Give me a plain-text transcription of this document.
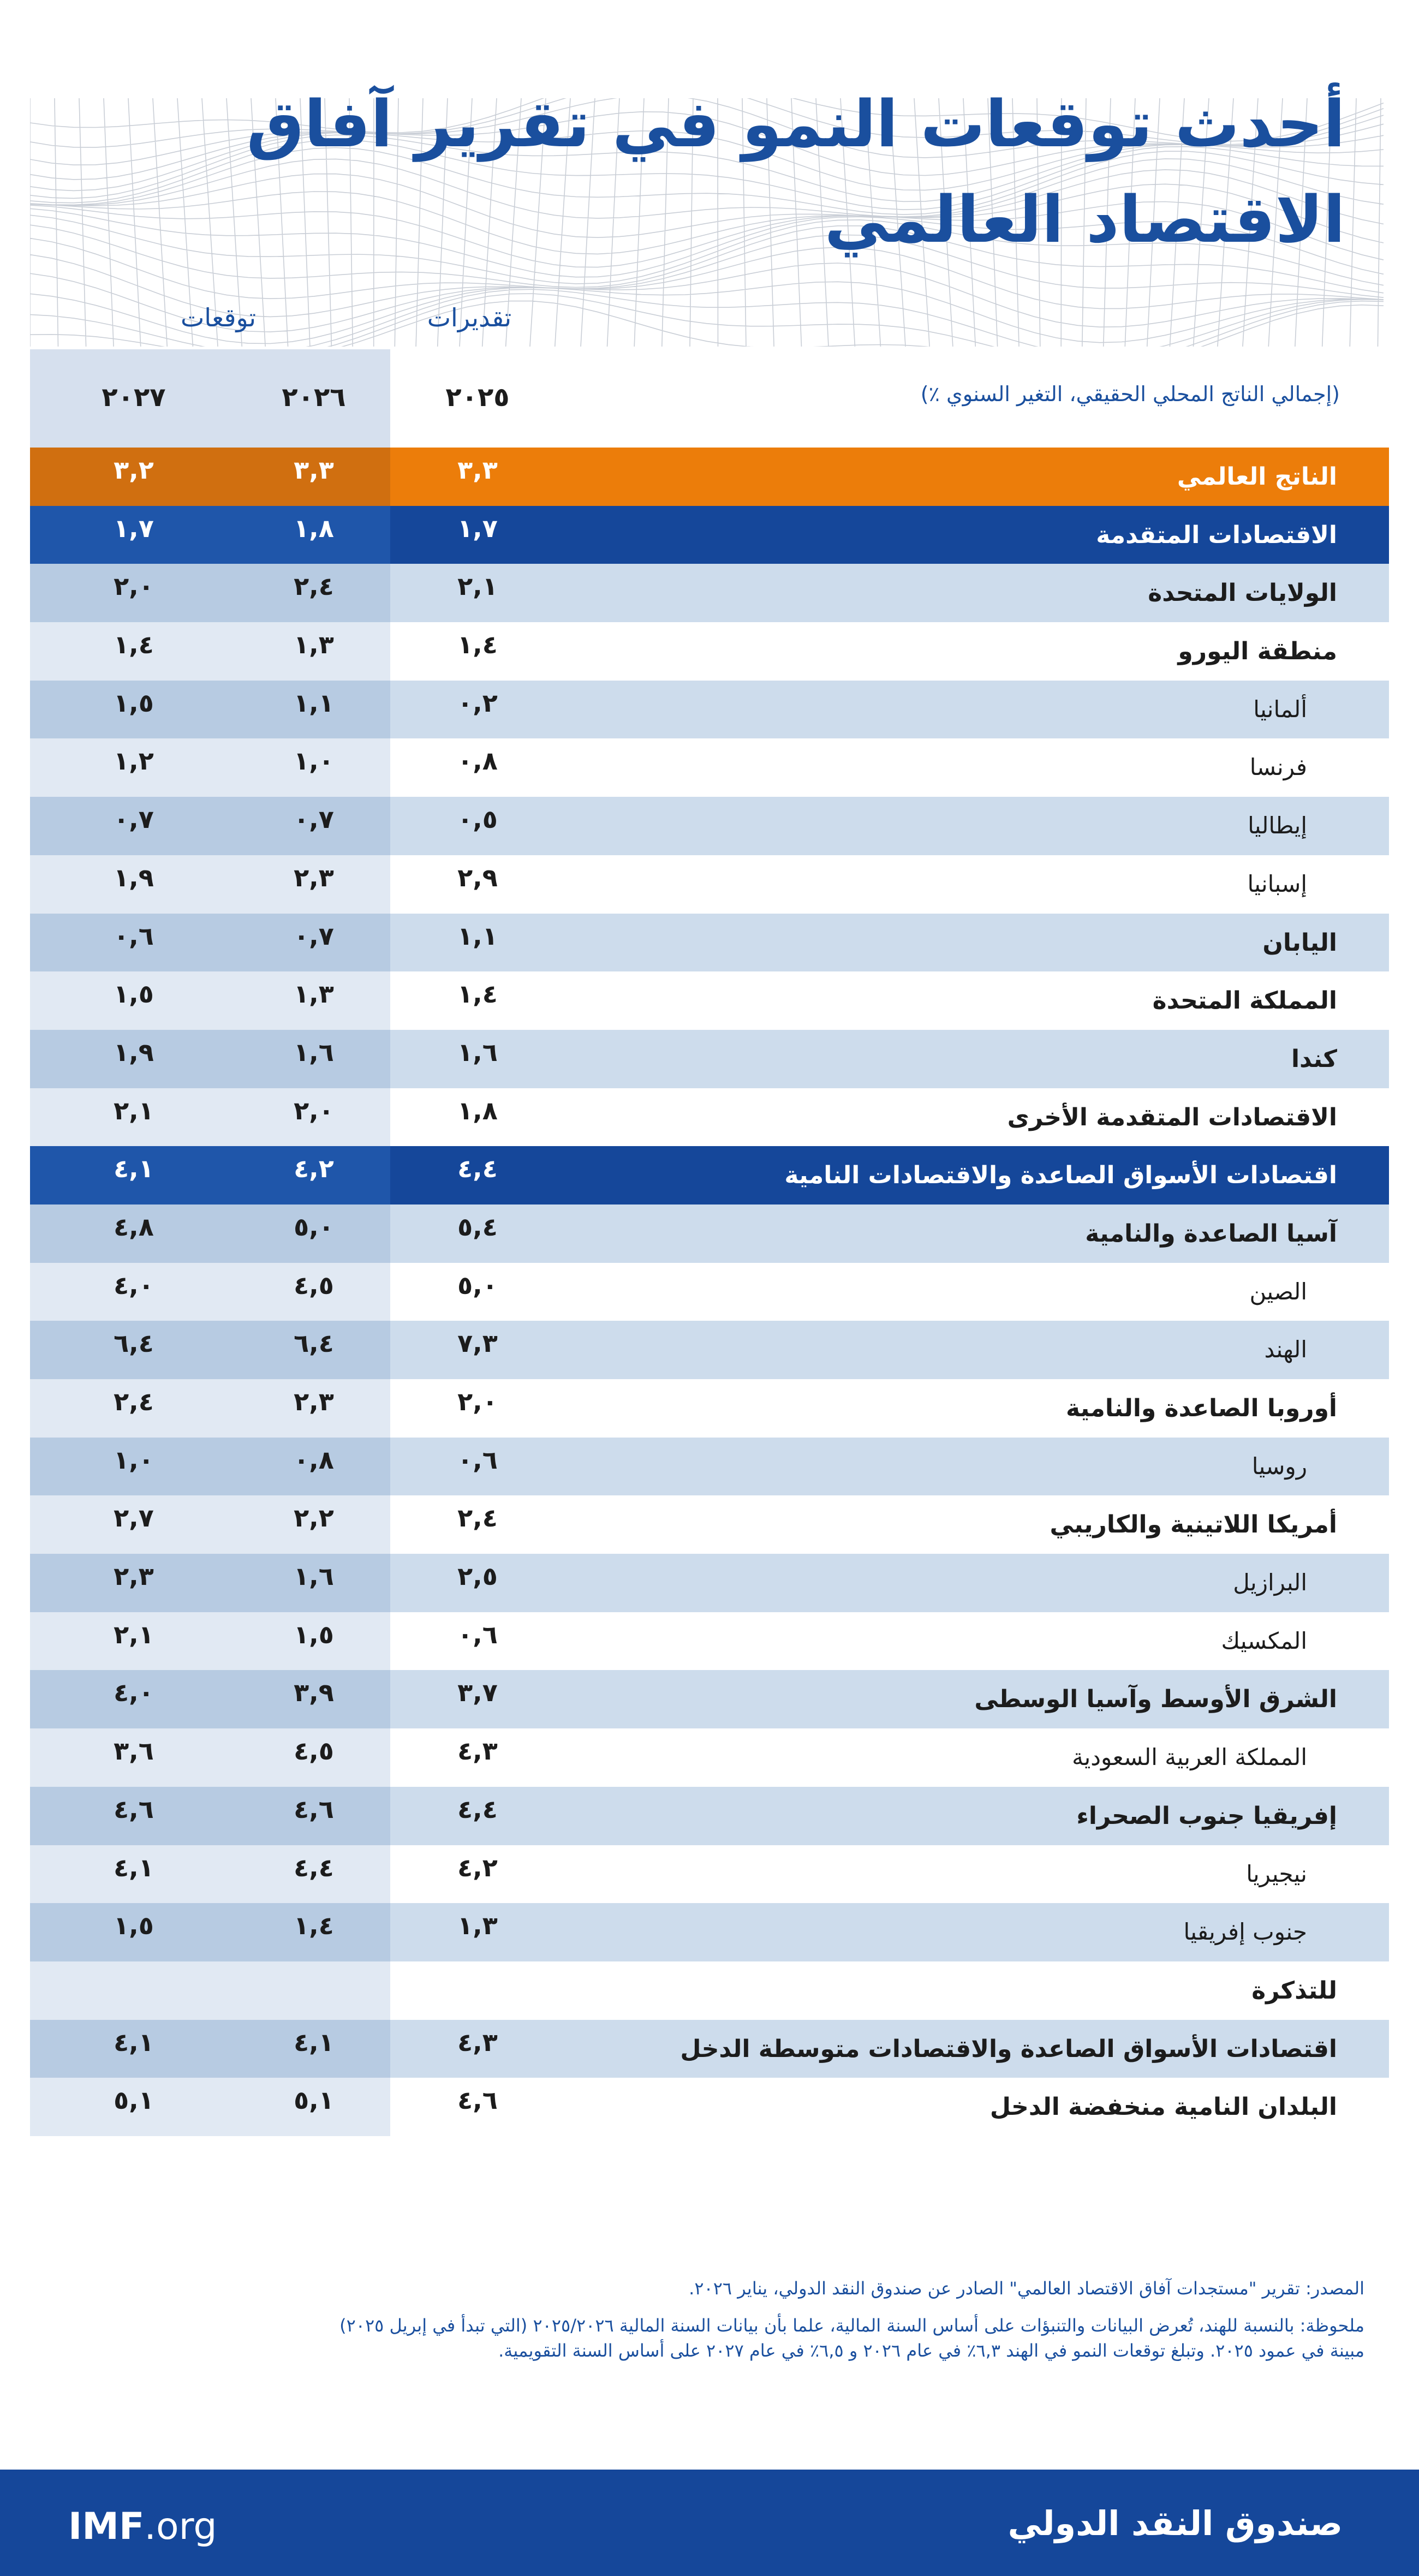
أحدث توقعات النمو في تقرير آفاق
الاقتصاد العالمي
تقديرات
توقعات
(إجمالي الناتج المحلي الحقيقي، التغير السنوي ٪)
٢٠٢٥
٢٠٢٦
٢٠٢٧
الناتج العالمي
٣,٣
٣,٣
٣,٢
الاقتصادات المتقدمة
١,٧
١,٨
١,٧
الولايات المتحدة
٢,١
٢,٤
٢,٠
منطقة اليورو
١,٤
١,٣
١,٤
ألمانيا
٠,٢
١,١
١,٥
فرنسا
٠,٨
١,٠
١,٢
إيطاليا
٠,٥
٠,٧
٠,٧
إسبانيا
٢,٩
٢,٣
١,٩
اليابان
١,١
٠,٧
٠,٦
المملكة المتحدة
١,٤
١,٣
١,٥
كندا
١,٦
١,٦
١,٩
الاقتصادات المتقدمة الأخرى
١,٨
٢,٠
٢,١
اقتصادات الأسواق الصاعدة والاقتصادات النامية
٤,٤
٤,٢
٤,١
آسيا الصاعدة والنامية
٥,٤
٥,٠
٤,٨
الصين
٥,٠
٤,٥
٤,٠
الهند
٧,٣
٦,٤
٦,٤
أوروبا الصاعدة والنامية
٢,٠
٢,٣
٢,٤
روسيا
٠,٦
٠,٨
١,٠
أمريكا اللاتينية والكاريبي
٢,٤
٢,٢
٢,٧
البرازيل
٢,٥
١,٦
٢,٣
المكسيك
٠,٦
١,٥
٢,١
الشرق الأوسط وآسيا الوسطى
٣,٧
٣,٩
٤,٠
المملكة العربية السعودية
٤,٣
٤,٥
٣,٦
إفريقيا جنوب الصحراء
٤,٤
٤,٦
٤,٦
نيجيريا
٤,٢
٤,٤
٤,١
جنوب إفريقيا
١,٣
١,٤
١,٥
للتذكرة
اقتصادات الأسواق الصاعدة والاقتصادات متوسطة الدخل
٤,٣
٤,١
٤,١
البلدان النامية منخفضة الدخل
٤,٦
٥,١
٥,١

المصدر: تقرير "مستجدات آفاق الاقتصاد العالمي" الصادر عن صندوق النقد الدولي، يناير ٢٠٢٦.

ملحوظة: بالنسبة للهند، تُعرض البيانات والتنبؤات على أساس السنة المالية، علما بأن بيانات السنة المالية ٢٠٢٥/٢٠٢٦ (التي تبدأ في إبريل ٢٠٢٥)
مبينة في عمود ٢٠٢٥. وتبلغ توقعات النمو في الهند ٦,٣٪ في عام ٢٠٢٦ و ٦,٥٪ في عام ٢٠٢٧ على أساس السنة التقويمية.
IMF.org	صندوق النقد الدولي
